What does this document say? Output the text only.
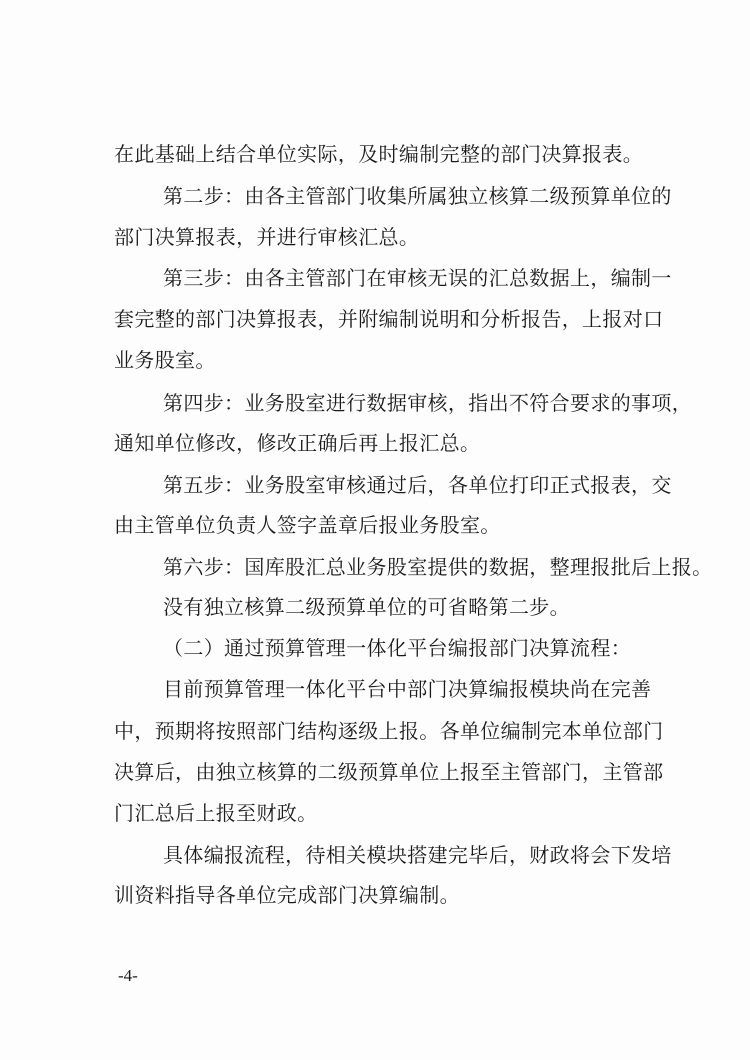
在此基础上结合单位实际，及时编制完整的部门决算报表。
第二步：由各主管部门收集所属独立核算二级预算单位的
部门决算报表，并进行审核汇总。
第三步：由各主管部门在审核无误的汇总数据上，编制一
套完整的部门决算报表，并附编制说明和分析报告，上报对口
业务股室。
第四步：业务股室进行数据审核，指出不符合要求的事项，
通知单位修改，修改正确后再上报汇总。
第五步：业务股室审核通过后，各单位打印正式报表，交
由主管单位负责人签字盖章后报业务股室。
第六步：国库股汇总业务股室提供的数据，整理报批后上报。
没有独立核算二级预算单位的可省略第二步。
（二）通过预算管理一体化平台编报部门决算流程：
目前预算管理一体化平台中部门决算编报模块尚在完善
中，预期将按照部门结构逐级上报。各单位编制完本单位部门
决算后，由独立核算的二级预算单位上报至主管部门，主管部
门汇总后上报至财政。
具体编报流程，待相关模块搭建完毕后，财政将会下发培
训资料指导各单位完成部门决算编制。
-4-
